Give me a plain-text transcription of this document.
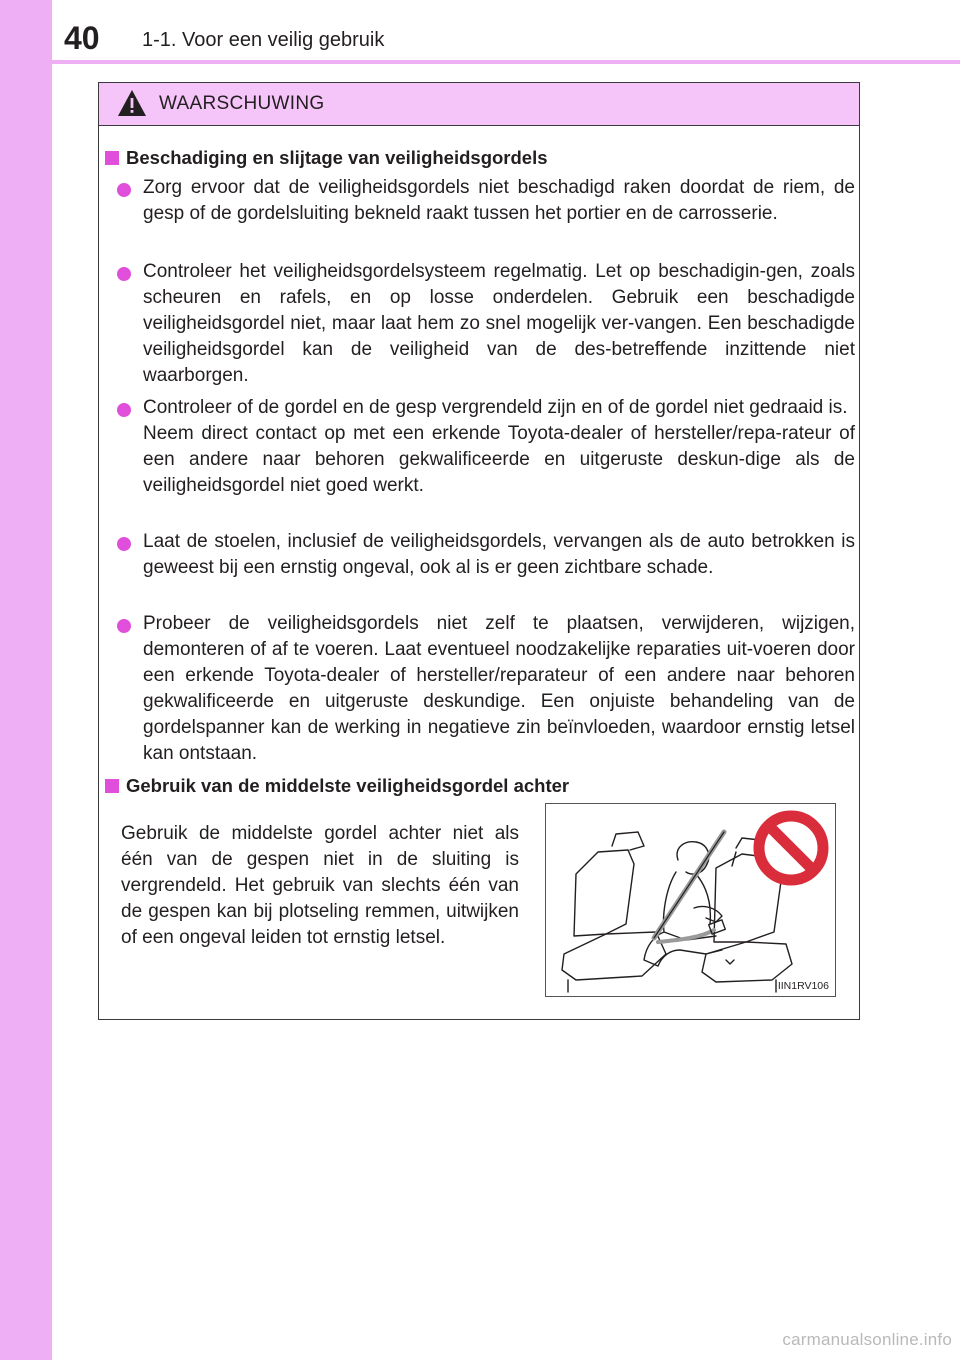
40 1-1. Voor een veilig gebruik
WAARSCHUWING
Beschadiging en slijtage van veiligheidsgordels
Zorg ervoor dat de veiligheidsgordels niet beschadigd raken doordat de riem, de gesp of de gordelsluiting bekneld raakt tussen het portier en de carrosserie.
Controleer het veiligheidsgordelsysteem regelmatig. Let op beschadigin-gen, zoals scheuren en rafels, en op losse onderdelen. Gebruik een beschadigde veiligheidsgordel niet, maar laat hem zo snel mogelijk ver-vangen. Een beschadigde veiligheidsgordel kan de veiligheid van de des-betreffende inzittende niet waarborgen.
Controleer of de gordel en de gesp vergrendeld zijn en of de gordel niet gedraaid is.
Neem direct contact op met een erkende Toyota-dealer of hersteller/repa-rateur of een andere naar behoren gekwalificeerde en uitgeruste deskun-dige als de veiligheidsgordel niet goed werkt.
Laat de stoelen, inclusief de veiligheidsgordels, vervangen als de auto betrokken is geweest bij een ernstig ongeval, ook al is er geen zichtbare schade.
Probeer de veiligheidsgordels niet zelf te plaatsen, verwijderen, wijzigen, demonteren of af te voeren. Laat eventueel noodzakelijke reparaties uit-voeren door een erkende Toyota-dealer of hersteller/reparateur of een andere naar behoren gekwalificeerde en uitgeruste deskundige. Een onjuiste behandeling van de gordelspanner kan de werking in negatieve zin beïnvloeden, waardoor ernstig letsel kan ontstaan.
Gebruik van de middelste veiligheidsgordel achter
Gebruik de middelste gordel achter niet als één van de gespen niet in de sluiting is vergrendeld. Het gebruik van slechts één van de gespen kan bij plotseling remmen, uitwijken of een ongeval leiden tot ernstig letsel.
IIN1RV106
carmanualsonline.info
